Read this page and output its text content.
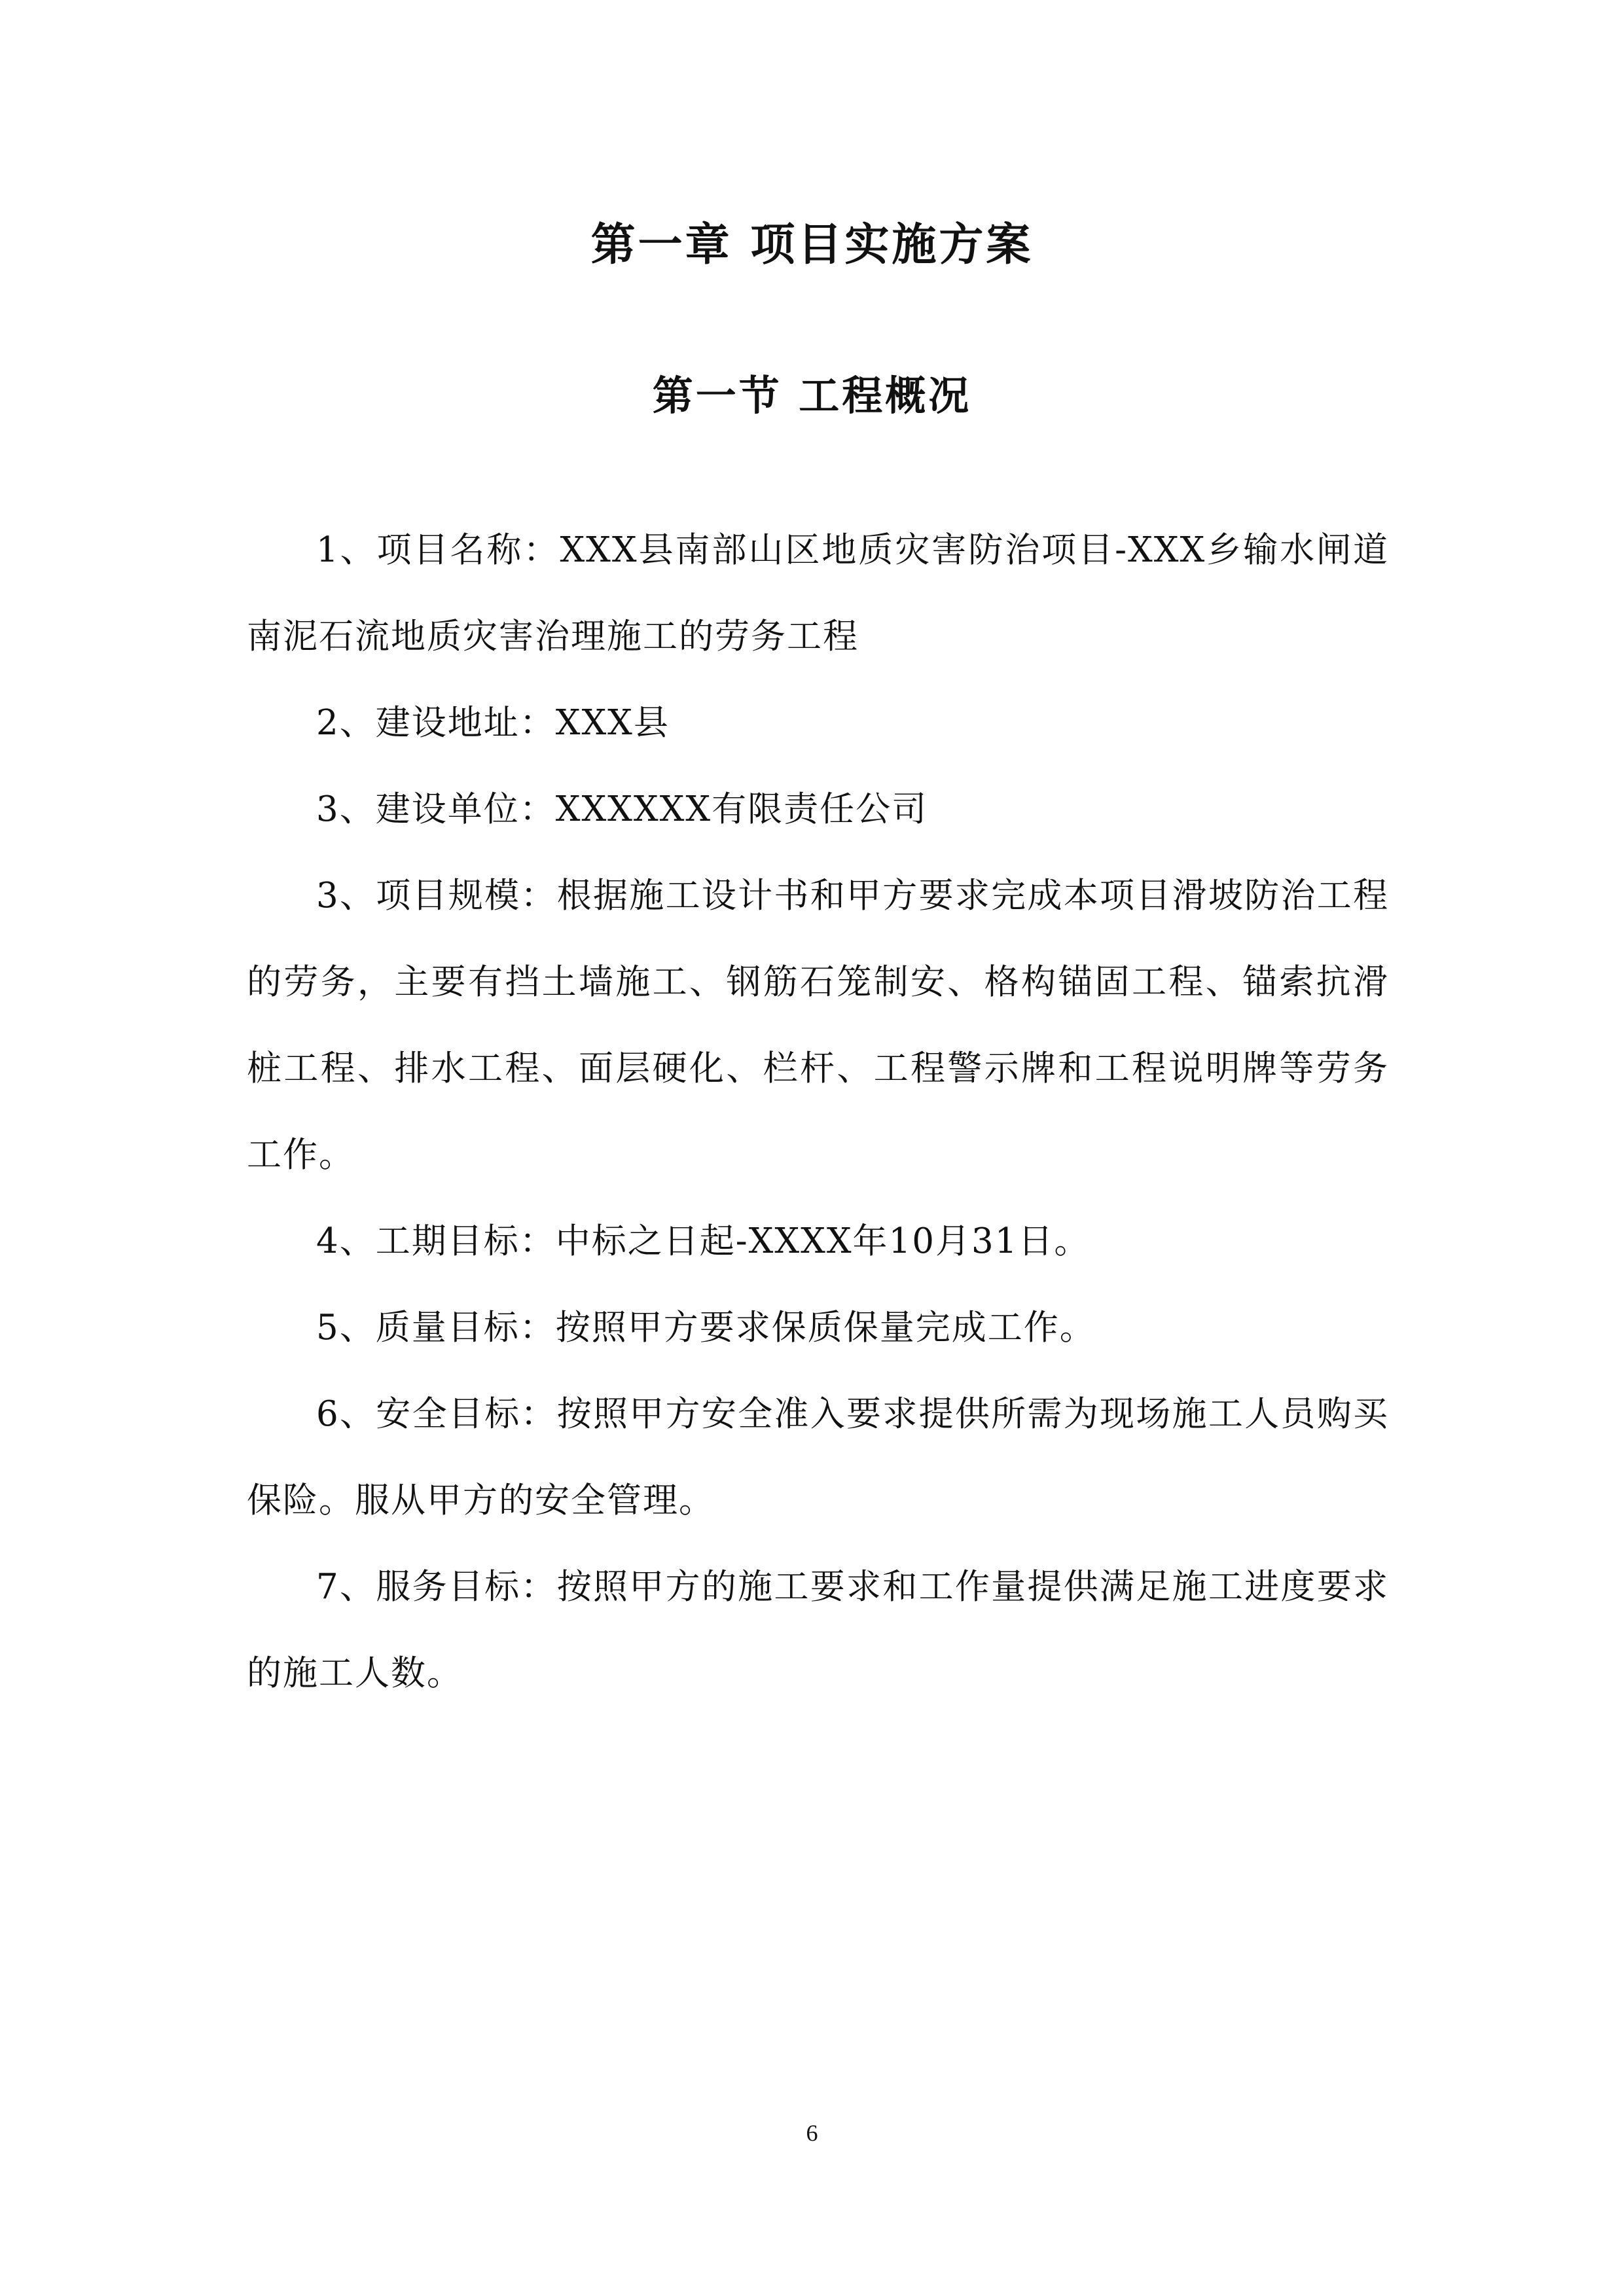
第一章 项目实施方案
第一节 工程概况

1、项目名称：XXX县南部山区地质灾害防治项目-XXX乡输水闸道南泥石流地质灾害治理施工的劳务工程

2、建设地址：XXX县

3、建设单位：XXXXXX有限责任公司

3、项目规模：根据施工设计书和甲方要求完成本项目滑坡防治工程的劳务，主要有挡土墙施工、钢筋石笼制安、格构锚固工程、锚索抗滑桩工程、排水工程、面层硬化、栏杆、工程警示牌和工程说明牌等劳务工作。

4、工期目标：中标之日起-XXXX年10月31日。

5、质量目标：按照甲方要求保质保量完成工作。

6、安全目标：按照甲方安全准入要求提供所需为现场施工人员购买保险。服从甲方的安全管理。

7、服务目标：按照甲方的施工要求和工作量提供满足施工进度要求的施工人数。

6
